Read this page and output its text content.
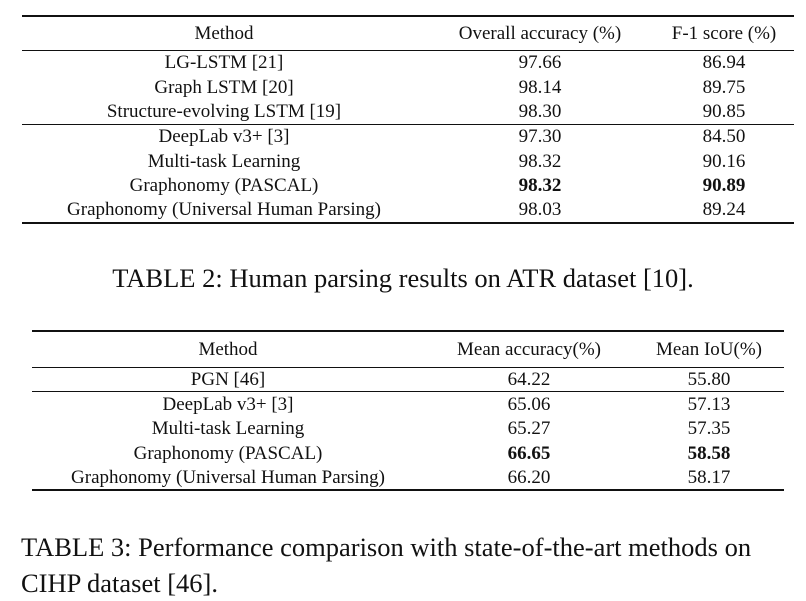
Method	Overall accuracy (%)	F-1 score (%)
LG-LSTM [21]	97.66	86.94
Graph LSTM [20]	98.14	89.75
Structure-evolving LSTM [19]	98.30	90.85
DeepLab v3+ [3]	97.30	84.50
Multi-task Learning	98.32	90.16
Graphonomy (PASCAL)	98.32	90.89
Graphonomy (Universal Human Parsing)	98.03	89.24
TABLE 2: Human parsing results on ATR dataset [10].
Method	Mean accuracy(%)	Mean IoU(%)
PGN [46]	64.22	55.80
DeepLab v3+ [3]	65.06	57.13
Multi-task Learning	65.27	57.35
Graphonomy (PASCAL)	66.65	58.58
Graphonomy (Universal Human Parsing)	66.20	58.17
TABLE 3: Performance comparison with state-of-the-art methods on CIHP dataset [46].
